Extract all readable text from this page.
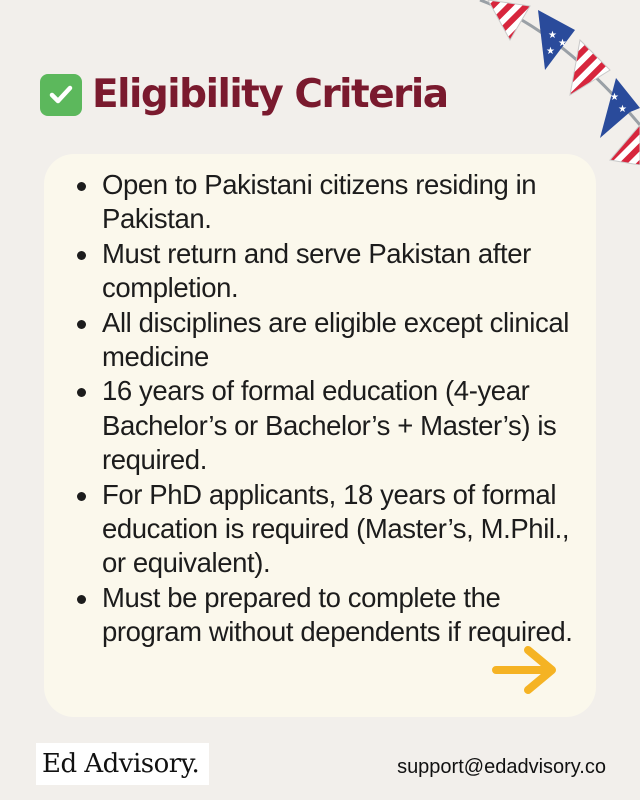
★
★
★
★
★
Eligibility Criteria
Open to Pakistani citizens residing in Pakistan.
Must return and serve Pakistan after completion.
All disciplines are eligible except clinical medicine
16 years of formal education (4-year Bachelor’s or Bachelor’s + Master’s) is required.
For PhD applicants, 18 years of formal education is required (Master’s, M.Phil., or equivalent).
Must be prepared to complete the program without dependents if required.
Ed Advisory.	support@edadvisory.co
